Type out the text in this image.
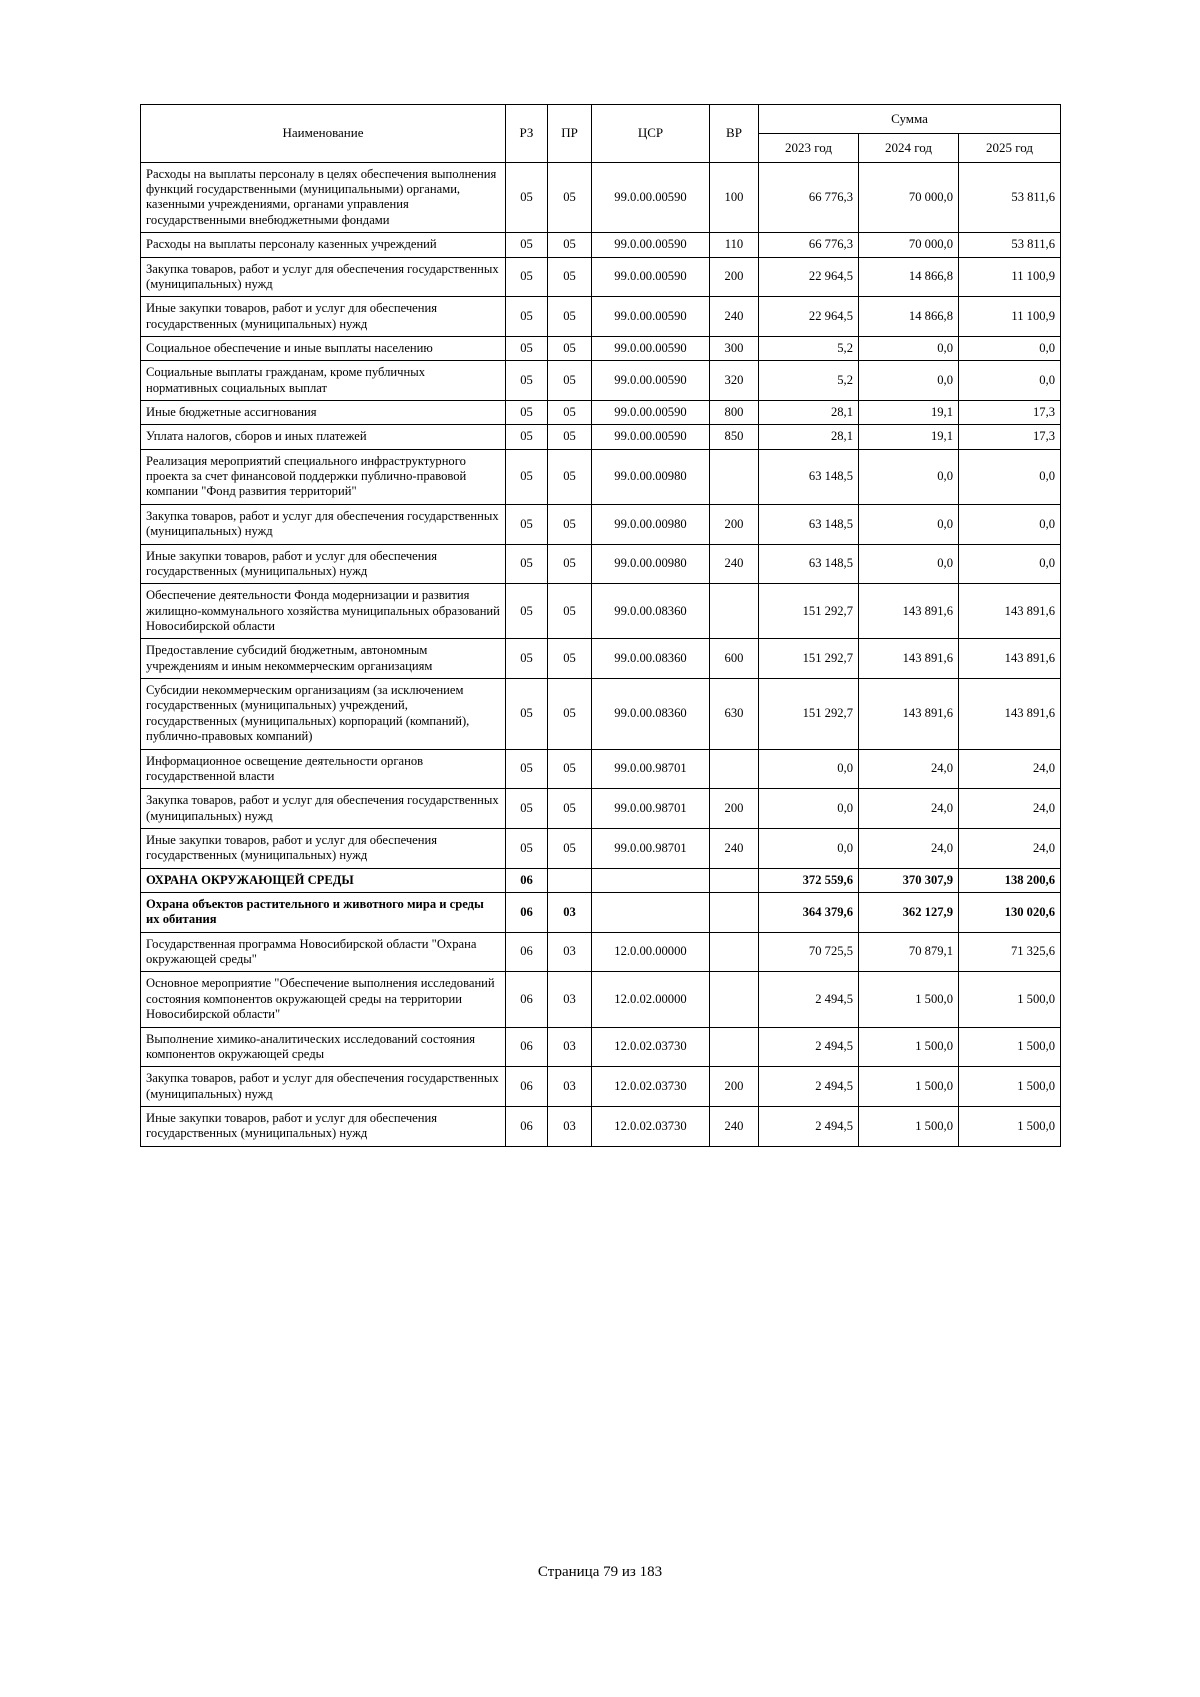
Наименование	РЗ	ПР	ЦСР	ВР	Сумма		
					2023 год	2024 год	2025 год
Расходы на выплаты персоналу в целях обеспечения выполнения функций государственными (муниципальными) органами, казенными учреждениями, органами управления государственными внебюджетными фондами	05	05	99.0.00.00590	100	66 776,3	70 000,0	53 811,6
Расходы на выплаты персоналу казенных учреждений	05	05	99.0.00.00590	110	66 776,3	70 000,0	53 811,6
Закупка товаров, работ и услуг для обеспечения государственных (муниципальных) нужд	05	05	99.0.00.00590	200	22 964,5	14 866,8	11 100,9
Иные закупки товаров, работ и услуг для обеспечения государственных (муниципальных) нужд	05	05	99.0.00.00590	240	22 964,5	14 866,8	11 100,9
Социальное обеспечение и иные выплаты населению	05	05	99.0.00.00590	300	5,2	0,0	0,0
Социальные выплаты гражданам, кроме публичных нормативных социальных выплат	05	05	99.0.00.00590	320	5,2	0,0	0,0
Иные бюджетные ассигнования	05	05	99.0.00.00590	800	28,1	19,1	17,3
Уплата налогов, сборов и иных платежей	05	05	99.0.00.00590	850	28,1	19,1	17,3
Реализация мероприятий специального инфраструктурного проекта за счет финансовой поддержки публично-правовой компании "Фонд развития территорий"	05	05	99.0.00.00980		63 148,5	0,0	0,0
Закупка товаров, работ и услуг для обеспечения государственных (муниципальных) нужд	05	05	99.0.00.00980	200	63 148,5	0,0	0,0
Иные закупки товаров, работ и услуг для обеспечения государственных (муниципальных) нужд	05	05	99.0.00.00980	240	63 148,5	0,0	0,0
Обеспечение деятельности Фонда модернизации и развития жилищно-коммунального хозяйства муниципальных образований Новосибирской области	05	05	99.0.00.08360		151 292,7	143 891,6	143 891,6
Предоставление субсидий бюджетным, автономным учреждениям и иным некоммерческим организациям	05	05	99.0.00.08360	600	151 292,7	143 891,6	143 891,6
Субсидии некоммерческим организациям (за исключением государственных (муниципальных) учреждений, государственных (муниципальных) корпораций (компаний), публично-правовых компаний)	05	05	99.0.00.08360	630	151 292,7	143 891,6	143 891,6
Информационное освещение деятельности органов государственной власти	05	05	99.0.00.98701		0,0	24,0	24,0
Закупка товаров, работ и услуг для обеспечения государственных (муниципальных) нужд	05	05	99.0.00.98701	200	0,0	24,0	24,0
Иные закупки товаров, работ и услуг для обеспечения государственных (муниципальных) нужд	05	05	99.0.00.98701	240	0,0	24,0	24,0
ОХРАНА ОКРУЖАЮЩЕЙ СРЕДЫ	06				372 559,6	370 307,9	138 200,6
Охрана объектов растительного и животного мира и среды их обитания	06	03			364 379,6	362 127,9	130 020,6
Государственная программа Новосибирской области "Охрана окружающей среды"	06	03	12.0.00.00000		70 725,5	70 879,1	71 325,6
Основное мероприятие "Обеспечение выполнения исследований состояния компонентов окружающей среды на территории Новосибирской области"	06	03	12.0.02.00000		2 494,5	1 500,0	1 500,0
Выполнение химико-аналитических исследований состояния компонентов окружающей среды	06	03	12.0.02.03730		2 494,5	1 500,0	1 500,0
Закупка товаров, работ и услуг для обеспечения государственных (муниципальных) нужд	06	03	12.0.02.03730	200	2 494,5	1 500,0	1 500,0
Иные закупки товаров, работ и услуг для обеспечения государственных (муниципальных) нужд	06	03	12.0.02.03730	240	2 494,5	1 500,0	1 500,0
Страница 79 из 183
